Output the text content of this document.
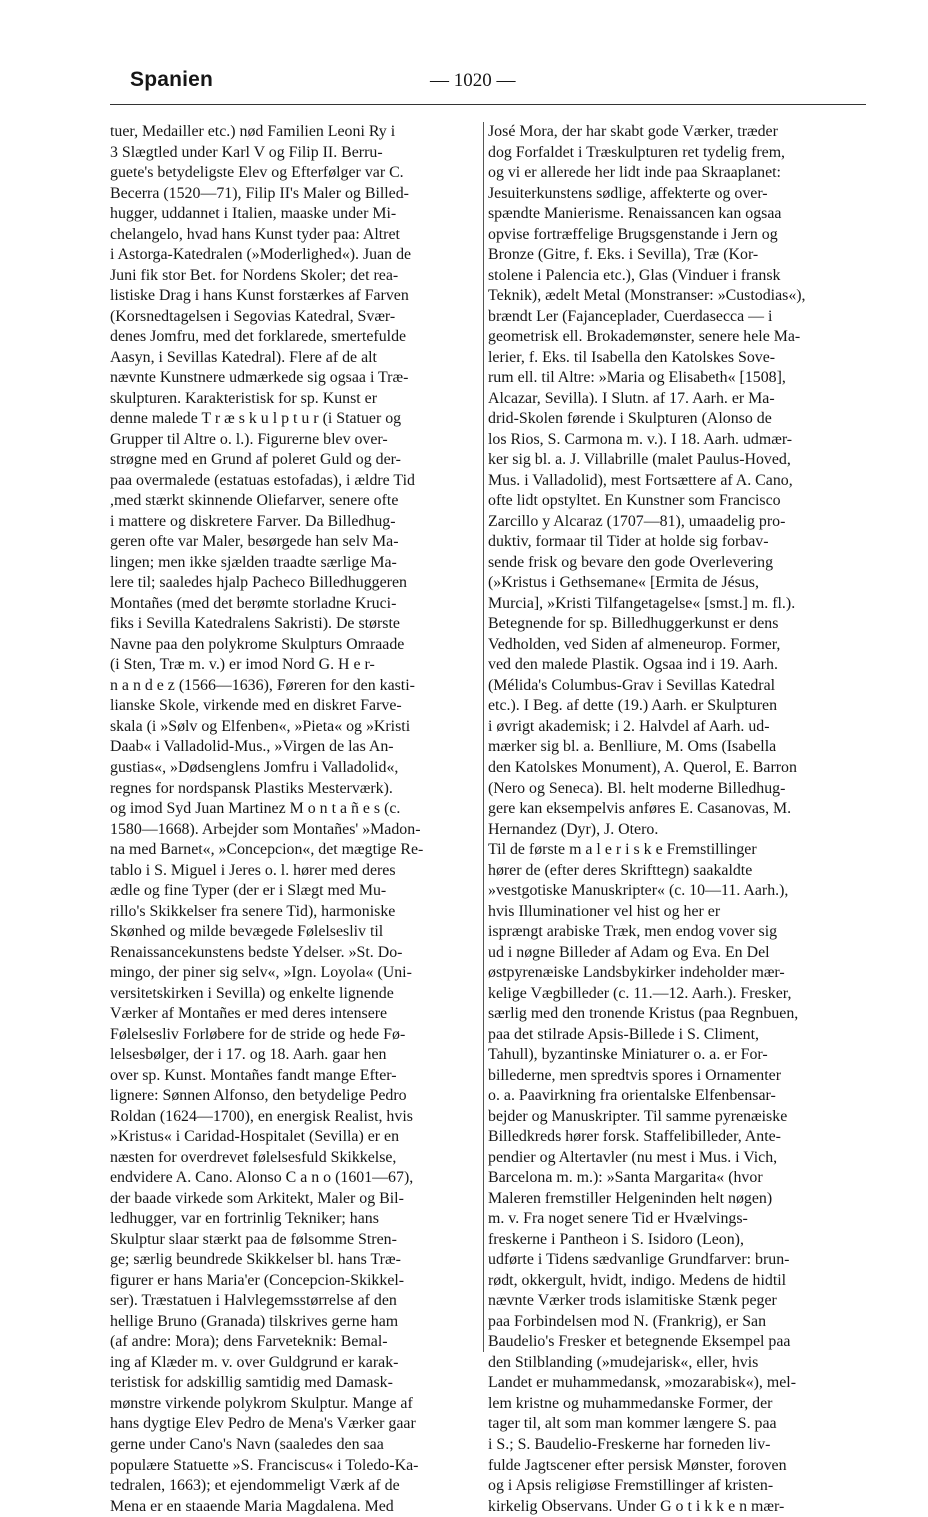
Spanien	— 1020 —

tuer, Medailler etc.) nød Familien Leoni Ry i
3 Slægtled under Karl V og Filip II. Berru-
guete's betydeligste Elev og Efterfølger var C.
Becerra (1520—71), Filip II's Maler og Billed-
hugger, uddannet i Italien, maaske under Mi-
chelangelo, hvad hans Kunst tyder paa: Altret
i Astorga-Katedralen (»Moderlighed«). Juan de
Juni fik stor Bet. for Nordens Skoler; det rea-
listiske Drag i hans Kunst forstærkes af Farven
(Korsnedtagelsen i Segovias Katedral, Svær-
denes Jomfru, med det forklarede, smertefulde
Aasyn, i Sevillas Katedral). Flere af de alt
nævnte Kunstnere udmærkede sig ogsaa i Træ-
skulpturen. Karakteristisk for sp. Kunst er
denne malede T r æ s k u l p t u r (i Statuer og
Grupper til Altre o. l.). Figurerne blev over-
strøgne med en Grund af poleret Guld og der-
paa overmalede (estatuas estofadas), i ældre Tid
,med stærkt skinnende Oliefarver, senere ofte
i mattere og diskretere Farver. Da Billedhug-
geren ofte var Maler, besørgede han selv Ma-
lingen; men ikke sjælden traadte særlige Ma-
lere til; saaledes hjalp Pacheco Billedhuggeren
Montañes (med det berømte storladne Kruci-
fiks i Sevilla Katedralens Sakristi). De største
Navne paa den polykrome Skulpturs Omraade
(i Sten, Træ m. v.) er imod Nord G. H e r-
n a n d e z (1566—1636), Føreren for den kasti-
lianske Skole, virkende med en diskret Farve-
skala (i »Sølv og Elfenben«, »Pieta« og »Kristi
Daab« i Valladolid-Mus., »Virgen de las An-
gustias«, »Dødsenglens Jomfru i Valladolid«,
regnes for nordspansk Plastiks Mesterværk).
og imod Syd Juan Martinez M o n t a ñ e s (c.
1580—1668). Arbejder som Montañes' »Madon-
na med Barnet«, »Concepcion«, det mægtige Re-
tablo i S. Miguel i Jeres o. l. hører med deres
ædle og fine Typer (der er i Slægt med Mu-
rillo's Skikkelser fra senere Tid), harmoniske
Skønhed og milde bevægede Følelsesliv til
Renaissancekunstens bedste Ydelser. »St. Do-
mingo, der piner sig selv«, »Ign. Loyola« (Uni-
versitetskirken i Sevilla) og enkelte lignende
Værker af Montañes er med deres intensere
Følelsesliv Forløbere for de stride og hede Fø-
lelsesbølger, der i 17. og 18. Aarh. gaar hen
over sp. Kunst. Montañes fandt mange Efter-
lignere: Sønnen Alfonso, den betydelige Pedro
Roldan (1624—1700), en energisk Realist, hvis
»Kristus« i Caridad-Hospitalet (Sevilla) er en
næsten for overdrevet følelsesfuld Skikkelse,
endvidere A. Cano. Alonso C a n o (1601—67),
der baade virkede som Arkitekt, Maler og Bil-
ledhugger, var en fortrinlig Tekniker; hans
Skulptur slaar stærkt paa de følsomme Stren-
ge; særlig beundrede Skikkelser bl. hans Træ-
figurer er hans Maria'er (Concepcion-Skikkel-
ser). Træstatuen i Halvlegemsstørrelse af den
hellige Bruno (Granada) tilskrives gerne ham
(af andre: Mora); dens Farveteknik: Bemal-
ing af Klæder m. v. over Guldgrund er karak-
teristisk for adskillig samtidig med Damask-
mønstre virkende polykrom Skulptur. Mange af
hans dygtige Elev Pedro de Mena's Værker gaar
gerne under Cano's Navn (saaledes den saa
populære Statuette »S. Franciscus« i Toledo-Ka-
tedralen, 1663); et ejendommeligt Værk af de
Mena er en staaende Maria Magdalena. Med

José Mora, der har skabt gode Værker, træder
dog Forfaldet i Træskulpturen ret tydelig frem,
og vi er allerede her lidt inde paa Skraaplanet:
Jesuiterkunstens sødlige, affekterte og over-
spændte Manierisme. Renaissancen kan ogsaa
opvise fortræffelige Brugsgenstande i Jern og
Bronze (Gitre, f. Eks. i Sevilla), Træ (Kor-
stolene i Palencia etc.), Glas (Vinduer i fransk
Teknik), ædelt Metal (Monstranser: »Custodias«),
brændt Ler (Fajanceplader, Cuerdasecca — i
geometrisk ell. Brokademønster, senere hele Ma-
lerier, f. Eks. til Isabella den Katolskes Sove-
rum ell. til Altre: »Maria og Elisabeth« [1508],
Alcazar, Sevilla). I Slutn. af 17. Aarh. er Ma-
drid-Skolen førende i Skulpturen (Alonso de
los Rios, S. Carmona m. v.). I 18. Aarh. udmær-
ker sig bl. a. J. Villabrille (malet Paulus-Hoved,
Mus. i Valladolid), mest Fortsættere af A. Cano,
ofte lidt opstyltet. En Kunstner som Francisco
Zarcillo y Alcaraz (1707—81), umaadelig pro-
duktiv, formaar til Tider at holde sig forbav-
sende frisk og bevare den gode Overlevering
(»Kristus i Gethsemane« [Ermita de Jésus,
Murcia], »Kristi Tilfangetagelse« [smst.] m. fl.).

Betegnende for sp. Billedhuggerkunst er dens
Vedholden, ved Siden af almeneurop. Former,
ved den malede Plastik. Ogsaa ind i 19. Aarh.
(Mélida's Columbus-Grav i Sevillas Katedral
etc.). I Beg. af dette (19.) Aarh. er Skulpturen
i øvrigt akademisk; i 2. Halvdel af Aarh. ud-
mærker sig bl. a. Benlliure, M. Oms (Isabella
den Katolskes Monument), A. Querol, E. Barron
(Nero og Seneca). Bl. helt moderne Billedhug-
gere kan eksempelvis anføres E. Casanovas, M.
Hernandez (Dyr), J. Otero.

Til de første m a l e r i s k e Fremstillinger
hører de (efter deres Skrifttegn) saakaldte
»vestgotiske Manuskripter« (c. 10—11. Aarh.),
hvis Illuminationer vel hist og her er
isprængt arabiske Træk, men endog vover sig
ud i nøgne Billeder af Adam og Eva. En Del
østpyrenæiske Landsbykirker indeholder mær-
kelige Vægbilleder (c. 11.—12. Aarh.). Fresker,
særlig med den tronende Kristus (paa Regnbuen,
paa det stilrade Apsis-Billede i S. Climent,
Tahull), byzantinske Miniaturer o. a. er For-
billederne, men spredtvis spores i Ornamenter
o. a. Paavirkning fra orientalske Elfenbensar-
bejder og Manuskripter. Til samme pyrenæiske
Billedkreds hører forsk. Staffelibilleder, Ante-
pendier og Altertavler (nu mest i Mus. i Vich,
Barcelona m. m.): »Santa Margarita« (hvor
Maleren fremstiller Helgeninden helt nøgen)
m. v. Fra noget senere Tid er Hvælvings-
freskerne i Pantheon i S. Isidoro (Leon),
udførte i Tidens sædvanlige Grundfarver: brun-
rødt, okkergult, hvidt, indigo. Medens de hidtil
nævnte Værker trods islamitiske Stænk peger
paa Forbindelsen mod N. (Frankrig), er San
Baudelio's Fresker et betegnende Eksempel paa
den Stilblanding (»mudejarisk«, eller, hvis
Landet er muhammedansk, »mozarabisk«), mel-
lem kristne og muhammedanske Former, der
tager til, alt som man kommer længere S. paa
i S.; S. Baudelio-Freskerne har forneden liv-
fulde Jagtscener efter persisk Mønster, foroven
og i Apsis religiøse Fremstillinger af kristen-
kirkelig Observans. Under G o t i k k e n mær-
